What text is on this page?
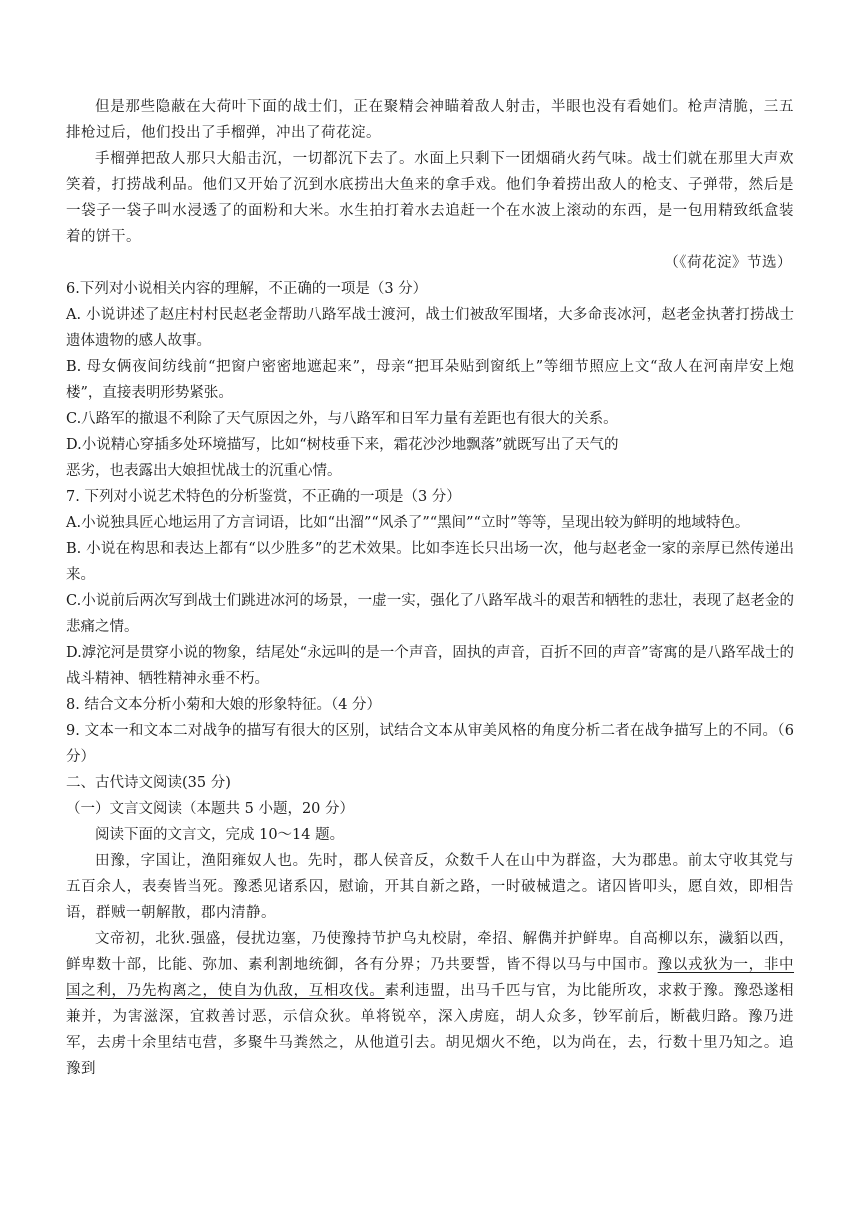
但是那些隐蔽在大荷叶下面的战士们，正在聚精会神瞄着敌人射击，半眼也没有看她们。枪声清脆，三五排枪过后，他们投出了手榴弹，冲出了荷花淀。

手榴弹把敌人那只大船击沉，一切都沉下去了。水面上只剩下一团烟硝火药气味。战士们就在那里大声欢笑着，打捞战利品。他们又开始了沉到水底捞出大鱼来的拿手戏。他们争着捞出敌人的枪支、子弹带，然后是一袋子一袋子叫水浸透了的面粉和大米。水生拍打着水去追赶一个在水波上滚动的东西，是一包用精致纸盒装着的饼干。

（《荷花淀》节选）

6.下列对小说相关内容的理解，不正确的一项是（3 分）

A. 小说讲述了赵庄村村民赵老金帮助八路军战士渡河，战士们被敌军围堵，大多命丧冰河，赵老金执著打捞战士遗体遗物的感人故事。

B. 母女俩夜间纺线前“把窗户密密地遮起来”，母亲“把耳朵贴到窗纸上”等细节照应上文“敌人在河南岸安上炮楼”，直接表明形势紧张。

C.八路军的撤退不利除了天气原因之外，与八路军和日军力量有差距也有很大的关系。

D.小说精心穿插多处环境描写，比如“树枝垂下来，霜花沙沙地飘落”就既写出了天气的

恶劣，也表露出大娘担忧战士的沉重心情。

7. 下列对小说艺术特色的分析鉴赏，不正确的一项是（3 分）

A.小说独具匠心地运用了方言词语，比如“出溜”“风杀了”“黑间”“立时”等等，呈现出较为鲜明的地域特色。

B. 小说在构思和表达上都有“以少胜多”的艺术效果。比如李连长只出场一次，他与赵老金一家的亲厚已然传递出来。

C.小说前后两次写到战士们跳进冰河的场景，一虚一实，强化了八路军战斗的艰苦和牺牲的悲壮，表现了赵老金的悲痛之情。

D.滹沱河是贯穿小说的物象，结尾处“永远叫的是一个声音，固执的声音，百折不回的声音”寄寓的是八路军战士的战斗精神、牺牲精神永垂不朽。

8. 结合文本分析小菊和大娘的形象特征。（4 分）

9. 文本一和文本二对战争的描写有很大的区别，试结合文本从审美风格的角度分析二者在战争描写上的不同。（6 分）

二、古代诗文阅读(35 分)

（一）文言文阅读（本题共 5 小题，20 分）

阅读下面的文言文，完成 10～14 题。

田豫，字国让，渔阳雍奴人也。先时，郡人侯音反，众数千人在山中为群盗，大为郡患。前太守收其党与五百余人，表奏皆当死。豫悉见诸系囚，慰谕，开其自新之路，一时破械遣之。诸囚皆叩头，愿自效，即相告语，群贼一朝解散，郡内清静。

文帝初，北狄.强盛，侵扰边塞，乃使豫持节护乌丸校尉，牵招、解儁并护鲜卑。自高柳以东，濊貊以西，鲜卑数十部，比能、弥加、素利割地统御，各有分界；乃共要誓，皆不得以马与中国市。豫以戎狄为一，非中国之利，乃先构离之，使自为仇敌，互相攻伐。素利违盟，出马千匹与官，为比能所攻，求救于豫。豫恐遂相兼并，为害滋深，宜救善讨恶，示信众狄。单将锐卒，深入虏庭，胡人众多，钞军前后，断截归路。豫乃进军，去虏十余里结屯营，多聚牛马粪然之，从他道引去。胡见烟火不绝，以为尚在，去，行数十里乃知之。追豫到
